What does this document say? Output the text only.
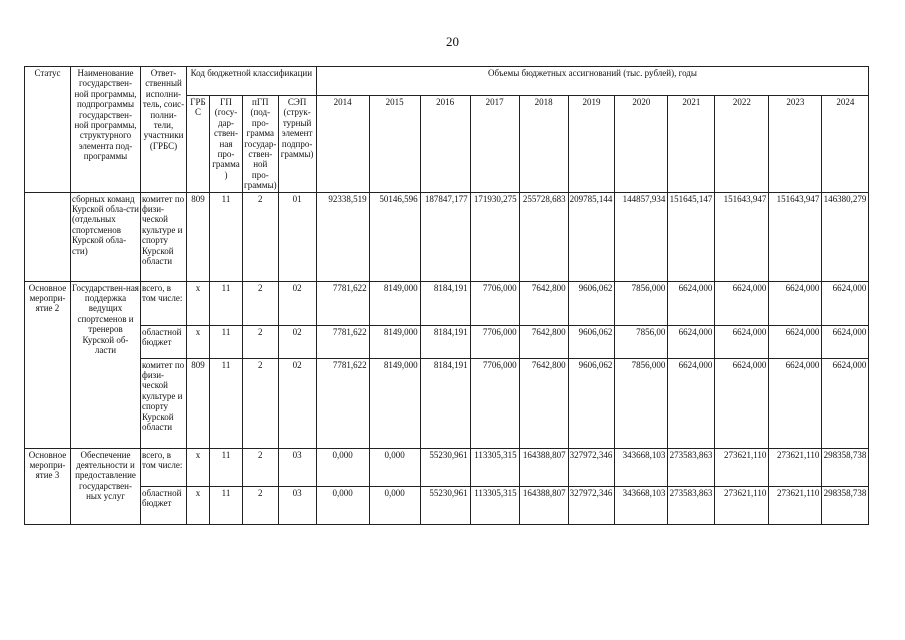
20
Статус	Наименование государствен-ной программы, подпрограммы государствен-ной программы, структурного элемента под-программы	Ответ-ственный исполни-тель, соис-полни-тели, участники (ГРБС)	Код бюджетной классификации				Объемы бюджетных ассигнований (тыс. рублей), годы										
			ГРБ С	ГП (госу-дар-ствен-ная про-грамма )	пГП (под-про-грамма государ-ствен-ной про-граммы)	СЭП (струк-турный элемент подпро-граммы)	2014	2015	2016	2017	2018	2019	2020	2021	2022	2023	2024
	сборных команд Курской обла-сти (отдельных спортсменов Курской обла-сти)	комитет по физи-ческой культуре и спорту Курской области	809	11	2	01	92338,519	50146,596	187847,177	171930,275	255728,683	209785,144	144857,934	151645,147	151643,947	151643,947	146380,279
Основное меропри-ятие 2	Государствен-ная поддержка ведущих спортсменов и тренеров Курской об-ласти	всего, в том числе:	x	11	2	02	7781,622	8149,000	8184,191	7706,000	7642,800	9606,062	7856,000	6624,000	6624,000	6624,000	6624,000
		областной бюджет	x	11	2	02	7781,622	8149,000	8184,191	7706,000	7642,800	9606,062	7856,00	6624,000	6624,000	6624,000	6624,000
		комитет по физи-ческой культуре и спорту Курской области	809	11	2	02	7781,622	8149,000	8184,191	7706,000	7642,800	9606,062	7856,000	6624,000	6624,000	6624,000	6624,000
Основное меропри-ятие 3	Обеспечение деятельности и предоставление государствен-ных услуг	всего, в том числе:	x	11	2	03	0,000	0,000	55230,961	113305,315	164388,807	327972,346	343668,103	273583,863	273621,110	273621,110	298358,738
		областной бюджет	x	11	2	03	0,000	0,000	55230,961	113305,315	164388,807	327972,346	343668,103	273583,863	273621,110	273621,110	298358,738
